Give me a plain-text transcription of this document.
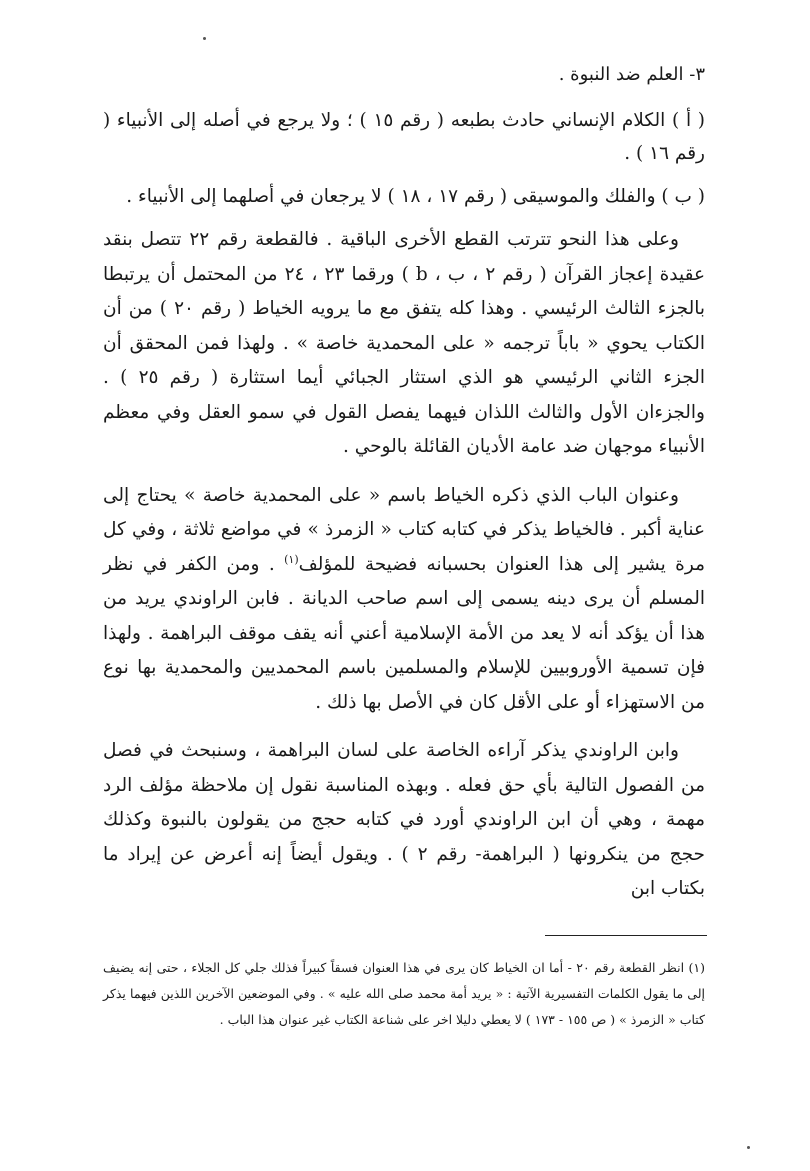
٣- العلم ضد النبوة .

( أ ) الكلام الإنساني حادث بطبعه ( رقم ١٥ ) ؛ ولا يرجع في أصله إلى الأنبياء ( رقم ١٦ ) .

( ب ) والفلك والموسيقى ( رقم ١٧ ، ١٨ ) لا يرجعان في أصلهما إلى الأنبياء .

وعلى هذا النحو تترتب القطع الأخرى الباقية . فالقطعة رقم ٢٢ تتصل بنقد عقيدة إعجاز القرآن ( رقم ٢ ، ب ، b ) ورقما ٢٣ ، ٢٤ من المحتمل أن يرتبطا بالجزء الثالث الرئيسي . وهذا كله يتفق مع ما يرويه الخياط ( رقم ٢٠ ) من أن الكتاب يحوي « باباً ترجمه « على المحمدية خاصة » . ولهذا فمن المحقق أن الجزء الثاني الرئيسي هو الذي استثار الجبائي أيما استثارة ( رقم ٢٥ ) . والجزءان الأول والثالث اللذان فيهما يفصل القول في سمو العقل وفي معظم الأنبياء موجهان ضد عامة الأديان القائلة بالوحي .

وعنوان الباب الذي ذكره الخياط باسم « على المحمدية خاصة » يحتاج إلى عناية أكبر . فالخياط يذكر في كتابه كتاب « الزمرذ » في مواضع ثلاثة ، وفي كل مرة يشير إلى هذا العنوان بحسبانه فضيحة للمؤلف$^{(١)}$ . ومن الكفر في نظر المسلم أن يرى دينه يسمى إلى اسم صاحب الديانة . فابن الراوندي يريد من هذا أن يؤكد أنه لا يعد من الأمة الإسلامية أعني أنه يقف موقف البراهمة . ولهذا فإن تسمية الأوروبيين للإسلام والمسلمين باسم المحمديين والمحمدية بها نوع من الاستهزاء أو على الأقل كان في الأصل بها ذلك .

وابن الراوندي يذكر آراءه الخاصة على لسان البراهمة ، وسنبحث في فصل من الفصول التالية بأي حق فعله . وبهذه المناسبة نقول إن ملاحظة مؤلف الرد مهمة ، وهي أن ابن الراوندي أورد في كتابه حجج من يقولون بالنبوة وكذلك حجج من ينكرونها ( البراهمة- رقم ٢ ) . ويقول أيضاً إنه أعرض عن إيراد ما بكتاب ابن

(١) انظر القطعة رقم ٢٠ - أما ان الخياط كان يرى في هذا العنوان فسقاً كبيراً فذلك جلي كل الجلاء ، حتى إنه يضيف إلى ما يقول الكلمات التفسيرية الآتية : « يريد أمة محمد صلى الله عليه » . وفي الموضعين الآخرين اللذين فيهما يذكر كتاب « الزمرذ » ( ص ١٥٥ - ١٧٣ ) لا يعطي دليلا اخر على شناعة الكتاب غير عنوان هذا الباب .
